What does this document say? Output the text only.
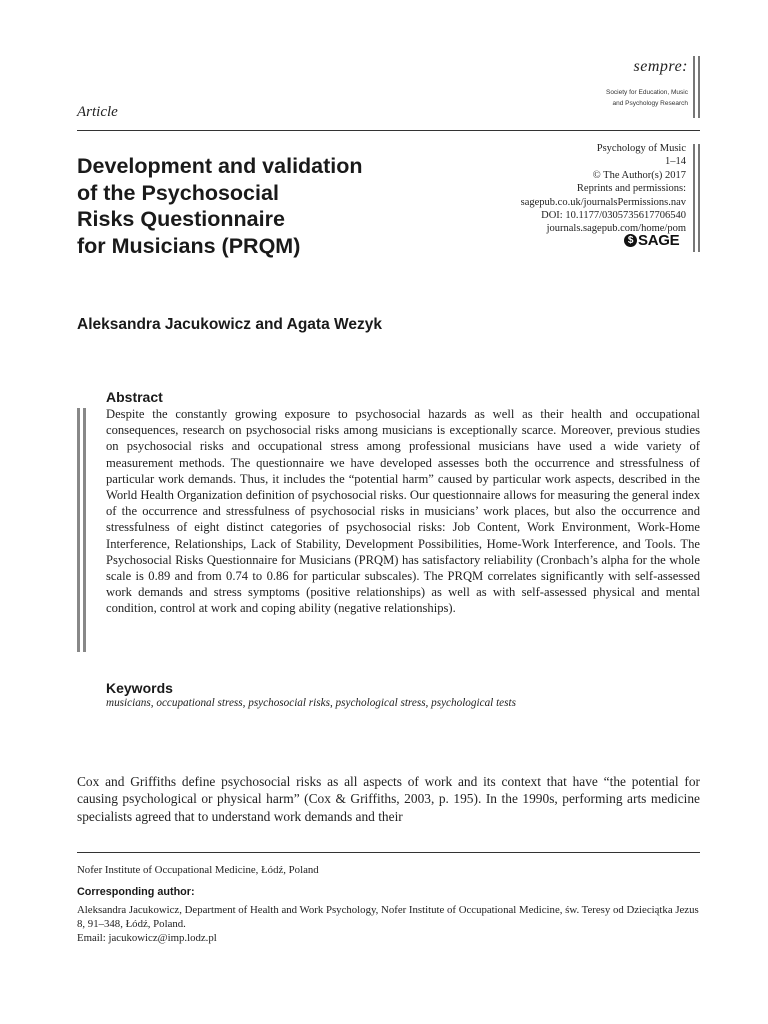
sempre:
Society for Education, Music
and Psychology Research
Article
Development and validation
of the Psychosocial
Risks Questionnaire
for Musicians (PRQM)
Psychology of Music
1–14
© The Author(s) 2017
Reprints and permissions:
sagepub.co.uk/journalsPermissions.nav
DOI: 10.1177/0305735617706540
journals.sagepub.com/home/pom
$ SAGE
Aleksandra Jacukowicz and Agata Wezyk
Abstract
Despite the constantly growing exposure to psychosocial hazards as well as their health and occupational consequences, research on psychosocial risks among musicians is exceptionally scarce. Moreover, previous studies on psychosocial risks and occupational stress among professional musicians have used a wide variety of measurement methods. The questionnaire we have developed assesses both the occurrence and stressfulness of particular work demands. Thus, it includes the “potential harm” caused by particular work aspects, described in the World Health Organization definition of psychosocial risks. Our questionnaire allows for measuring the general index of the occurrence and stressfulness of psychosocial risks in musicians’ work places, but also the occurrence and stressfulness of eight distinct categories of psychosocial risks: Job Content, Work Environment, Work-Home Interference, Relationships, Lack of Stability, Development Possibilities, Home-Work Interference, and Tools. The Psychosocial Risks Questionnaire for Musicians (PRQM) has satisfactory reliability (Cronbach’s alpha for the whole scale is 0.89 and from 0.74 to 0.86 for particular subscales). The PRQM correlates significantly with self-assessed work demands and stress symptoms (positive relationships) as well as with self-assessed physical and mental condition, control at work and coping ability (negative relationships).
Keywords
musicians, occupational stress, psychosocial risks, psychological stress, psychological tests
Cox and Griffiths define psychosocial risks as all aspects of work and its context that have “the potential for causing psychological or physical harm” (Cox & Griffiths, 2003, p. 195). In the 1990s, performing arts medicine specialists agreed that to understand work demands and their
Nofer Institute of Occupational Medicine, Łódź, Poland
Corresponding author:
Aleksandra Jacukowicz, Department of Health and Work Psychology, Nofer Institute of Occupational Medicine, św. Teresy od Dzieciątka Jezus 8, 91–348, Łódź, Poland.
Email: jacukowicz@imp.lodz.pl
